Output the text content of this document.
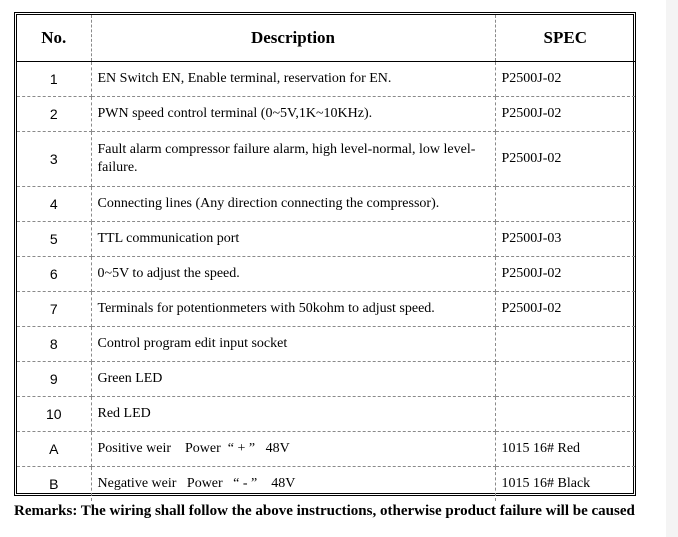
No.	Description	SPEC
1	EN Switch EN, Enable terminal, reservation for EN.	P2500J-02
2	PWN speed control terminal (0~5V,1K~10KHz).	P2500J-02
3	Fault alarm compressor failure alarm, high level-normal, low level-failure.	P2500J-02
4	Connecting lines (Any direction connecting the compressor).	
5	TTL communication port	P2500J-03
6	0~5V to adjust the speed.	P2500J-02
7	Terminals for potentionmeters with 50kohm to adjust speed.	P2500J-02
8	Control program edit input socket	
9	Green LED	
10	Red LED	
A	Positive weir    Power  “ + ”   48V	1015 16# Red
B	Negative weir   Power   “ - ”    48V	1015 16# Black
Remarks: The wiring shall follow the above instructions, otherwise product failure will be caused
